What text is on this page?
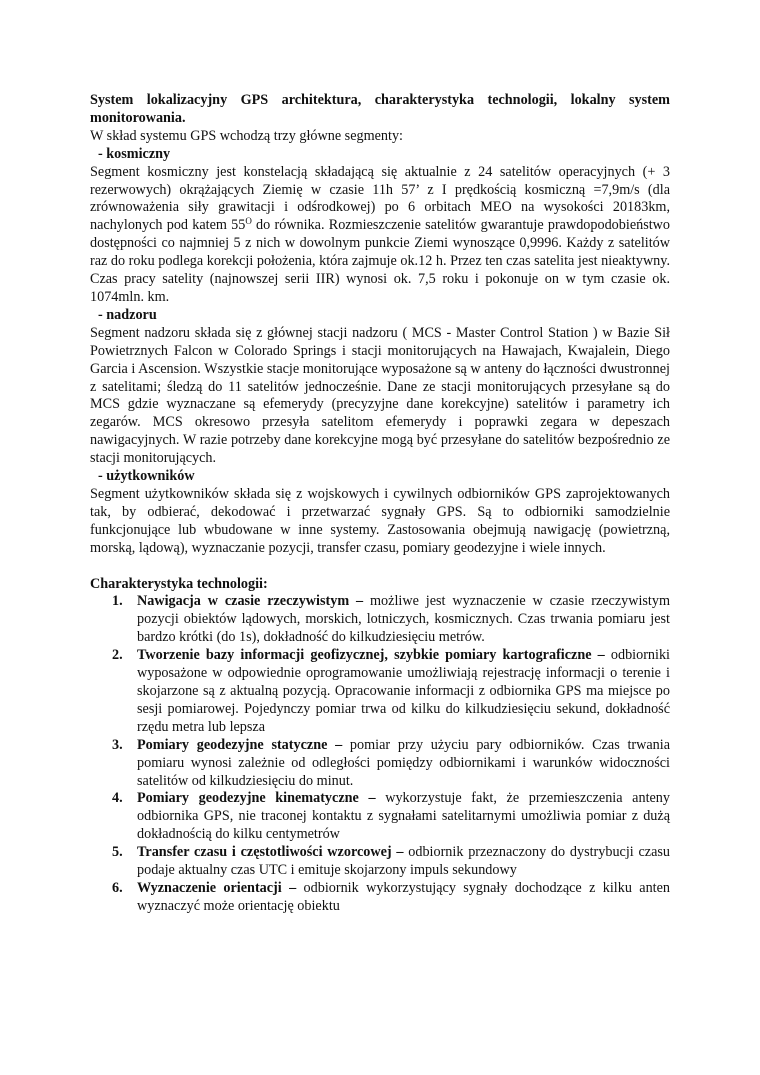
System lokalizacyjny GPS architektura, charakterystyka technologii, lokalny system monitorowania.

W skład systemu GPS wchodzą trzy główne segmenty:

- kosmiczny

Segment kosmiczny jest konstelacją składającą się aktualnie z 24 satelitów operacyjnych (+ 3 rezerwowych) okrążających Ziemię w czasie 11h 57’ z I prędkością kosmiczną =7,9m/s (dla zrównoważenia siły grawitacji i odśrodkowej) po 6 orbitach MEO na wysokości 20183km, nachylonych pod katem $55^O$ do równika. Rozmieszczenie satelitów gwarantuje prawdopodobieństwo dostępności co najmniej 5 z nich w dowolnym punkcie Ziemi wynoszące 0,9996. Każdy z satelitów raz do roku podlega korekcji położenia, która zajmuje ok.12 h. Przez ten czas satelita jest nieaktywny. Czas pracy satelity (najnowszej serii IIR) wynosi ok. 7,5 roku i pokonuje on w tym czasie ok. 1074mln. km.

- nadzoru

Segment nadzoru składa się z głównej stacji nadzoru ( MCS - Master Control Station ) w Bazie Sił Powietrznych Falcon w Colorado Springs i stacji monitorujących na Hawajach, Kwajalein, Diego Garcia i Ascension. Wszystkie stacje monitorujące wyposażone są w anteny do łączności dwustronnej z satelitami; śledzą do 11 satelitów jednocześnie. Dane ze stacji monitorujących przesyłane są do MCS gdzie wyznaczane są efemerydy (precyzyjne dane korekcyjne) satelitów i parametry ich zegarów. MCS okresowo przesyła satelitom efemerydy i poprawki zegara w depeszach nawigacyjnych. W razie potrzeby dane korekcyjne mogą być przesyłane do satelitów bezpośrednio ze stacji monitorujących.

- użytkowników

Segment użytkowników składa się z wojskowych i cywilnych odbiorników GPS zaprojektowanych tak, by odbierać, dekodować i przetwarzać sygnały GPS. Są to odbiorniki samodzielnie funkcjonujące lub wbudowane w inne systemy. Zastosowania obejmują nawigację (powietrzną, morską, lądową), wyznaczanie pozycji, transfer czasu, pomiary geodezyjne i wiele innych.

Charakterystyka technologii:

1. Nawigacja w czasie rzeczywistym – możliwe jest wyznaczenie w czasie rzeczywistym pozycji obiektów lądowych, morskich, lotniczych, kosmicznych. Czas trwania pomiaru jest bardzo krótki (do 1s), dokładność do kilkudziesięciu metrów.
2. Tworzenie bazy informacji geofizycznej, szybkie pomiary kartograficzne – odbiorniki wyposażone w odpowiednie oprogramowanie umożliwiają rejestrację informacji o terenie i skojarzone są z aktualną pozycją. Opracowanie informacji z odbiornika GPS ma miejsce po sesji pomiarowej. Pojedynczy pomiar trwa od kilku do kilkudziesięciu sekund, dokładność rzędu metra lub lepsza
3. Pomiary geodezyjne statyczne – pomiar przy użyciu pary odbiorników. Czas trwania pomiaru wynosi zależnie od odległości pomiędzy odbiornikami i warunków widoczności satelitów od kilkudziesięciu do minut.
4. Pomiary geodezyjne kinematyczne – wykorzystuje fakt, że przemieszczenia anteny odbiornika GPS, nie traconej kontaktu z sygnałami satelitarnymi umożliwia pomiar z dużą dokładnością do kilku centymetrów
5. Transfer czasu i częstotliwości wzorcowej – odbiornik przeznaczony do dystrybucji czasu podaje aktualny czas UTC i emituje skojarzony impuls sekundowy
6. Wyznaczenie orientacji – odbiornik wykorzystujący sygnały dochodzące z kilku anten wyznaczyć może orientację obiektu
